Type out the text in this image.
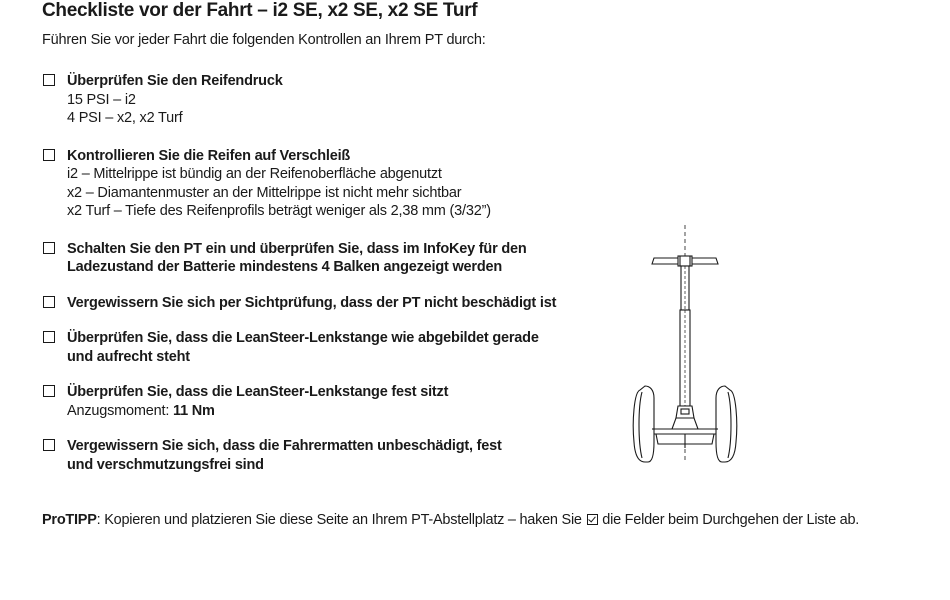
Checkliste vor der Fahrt – i2 SE, x2 SE, x2 SE Turf
Führen Sie vor jeder Fahrt die folgenden Kontrollen an Ihrem PT durch:
Überprüfen Sie den Reifendruck
15 PSI – i2
4 PSI – x2, x2 Turf
Kontrollieren Sie die Reifen auf Verschleiß
i2 – Mittelrippe ist bündig an der Reifenoberfläche abgenutzt
x2 – Diamantenmuster an der Mittelrippe ist nicht mehr sichtbar
x2 Turf – Tiefe des Reifenprofils beträgt weniger als 2,38 mm (3/32”)
Schalten Sie den PT ein und überprüfen Sie, dass im InfoKey für den Ladezustand der Batterie mindestens 4 Balken angezeigt werden
Vergewissern Sie sich per Sichtprüfung, dass der PT nicht beschädigt ist
Überprüfen Sie, dass die LeanSteer-Lenkstange wie abgebildet gerade und aufrecht steht
Überprüfen Sie, dass die LeanSteer-Lenkstange fest sitzt
Anzugsmoment: 11 Nm
Vergewissern Sie sich, dass die Fahrermatten unbeschädigt, fest und verschmutzungsfrei sind
ProTIPP: Kopieren und platzieren Sie diese Seite an Ihrem PT-Abstellplatz – haken Sie  die Felder beim Durchgehen der Liste ab.
